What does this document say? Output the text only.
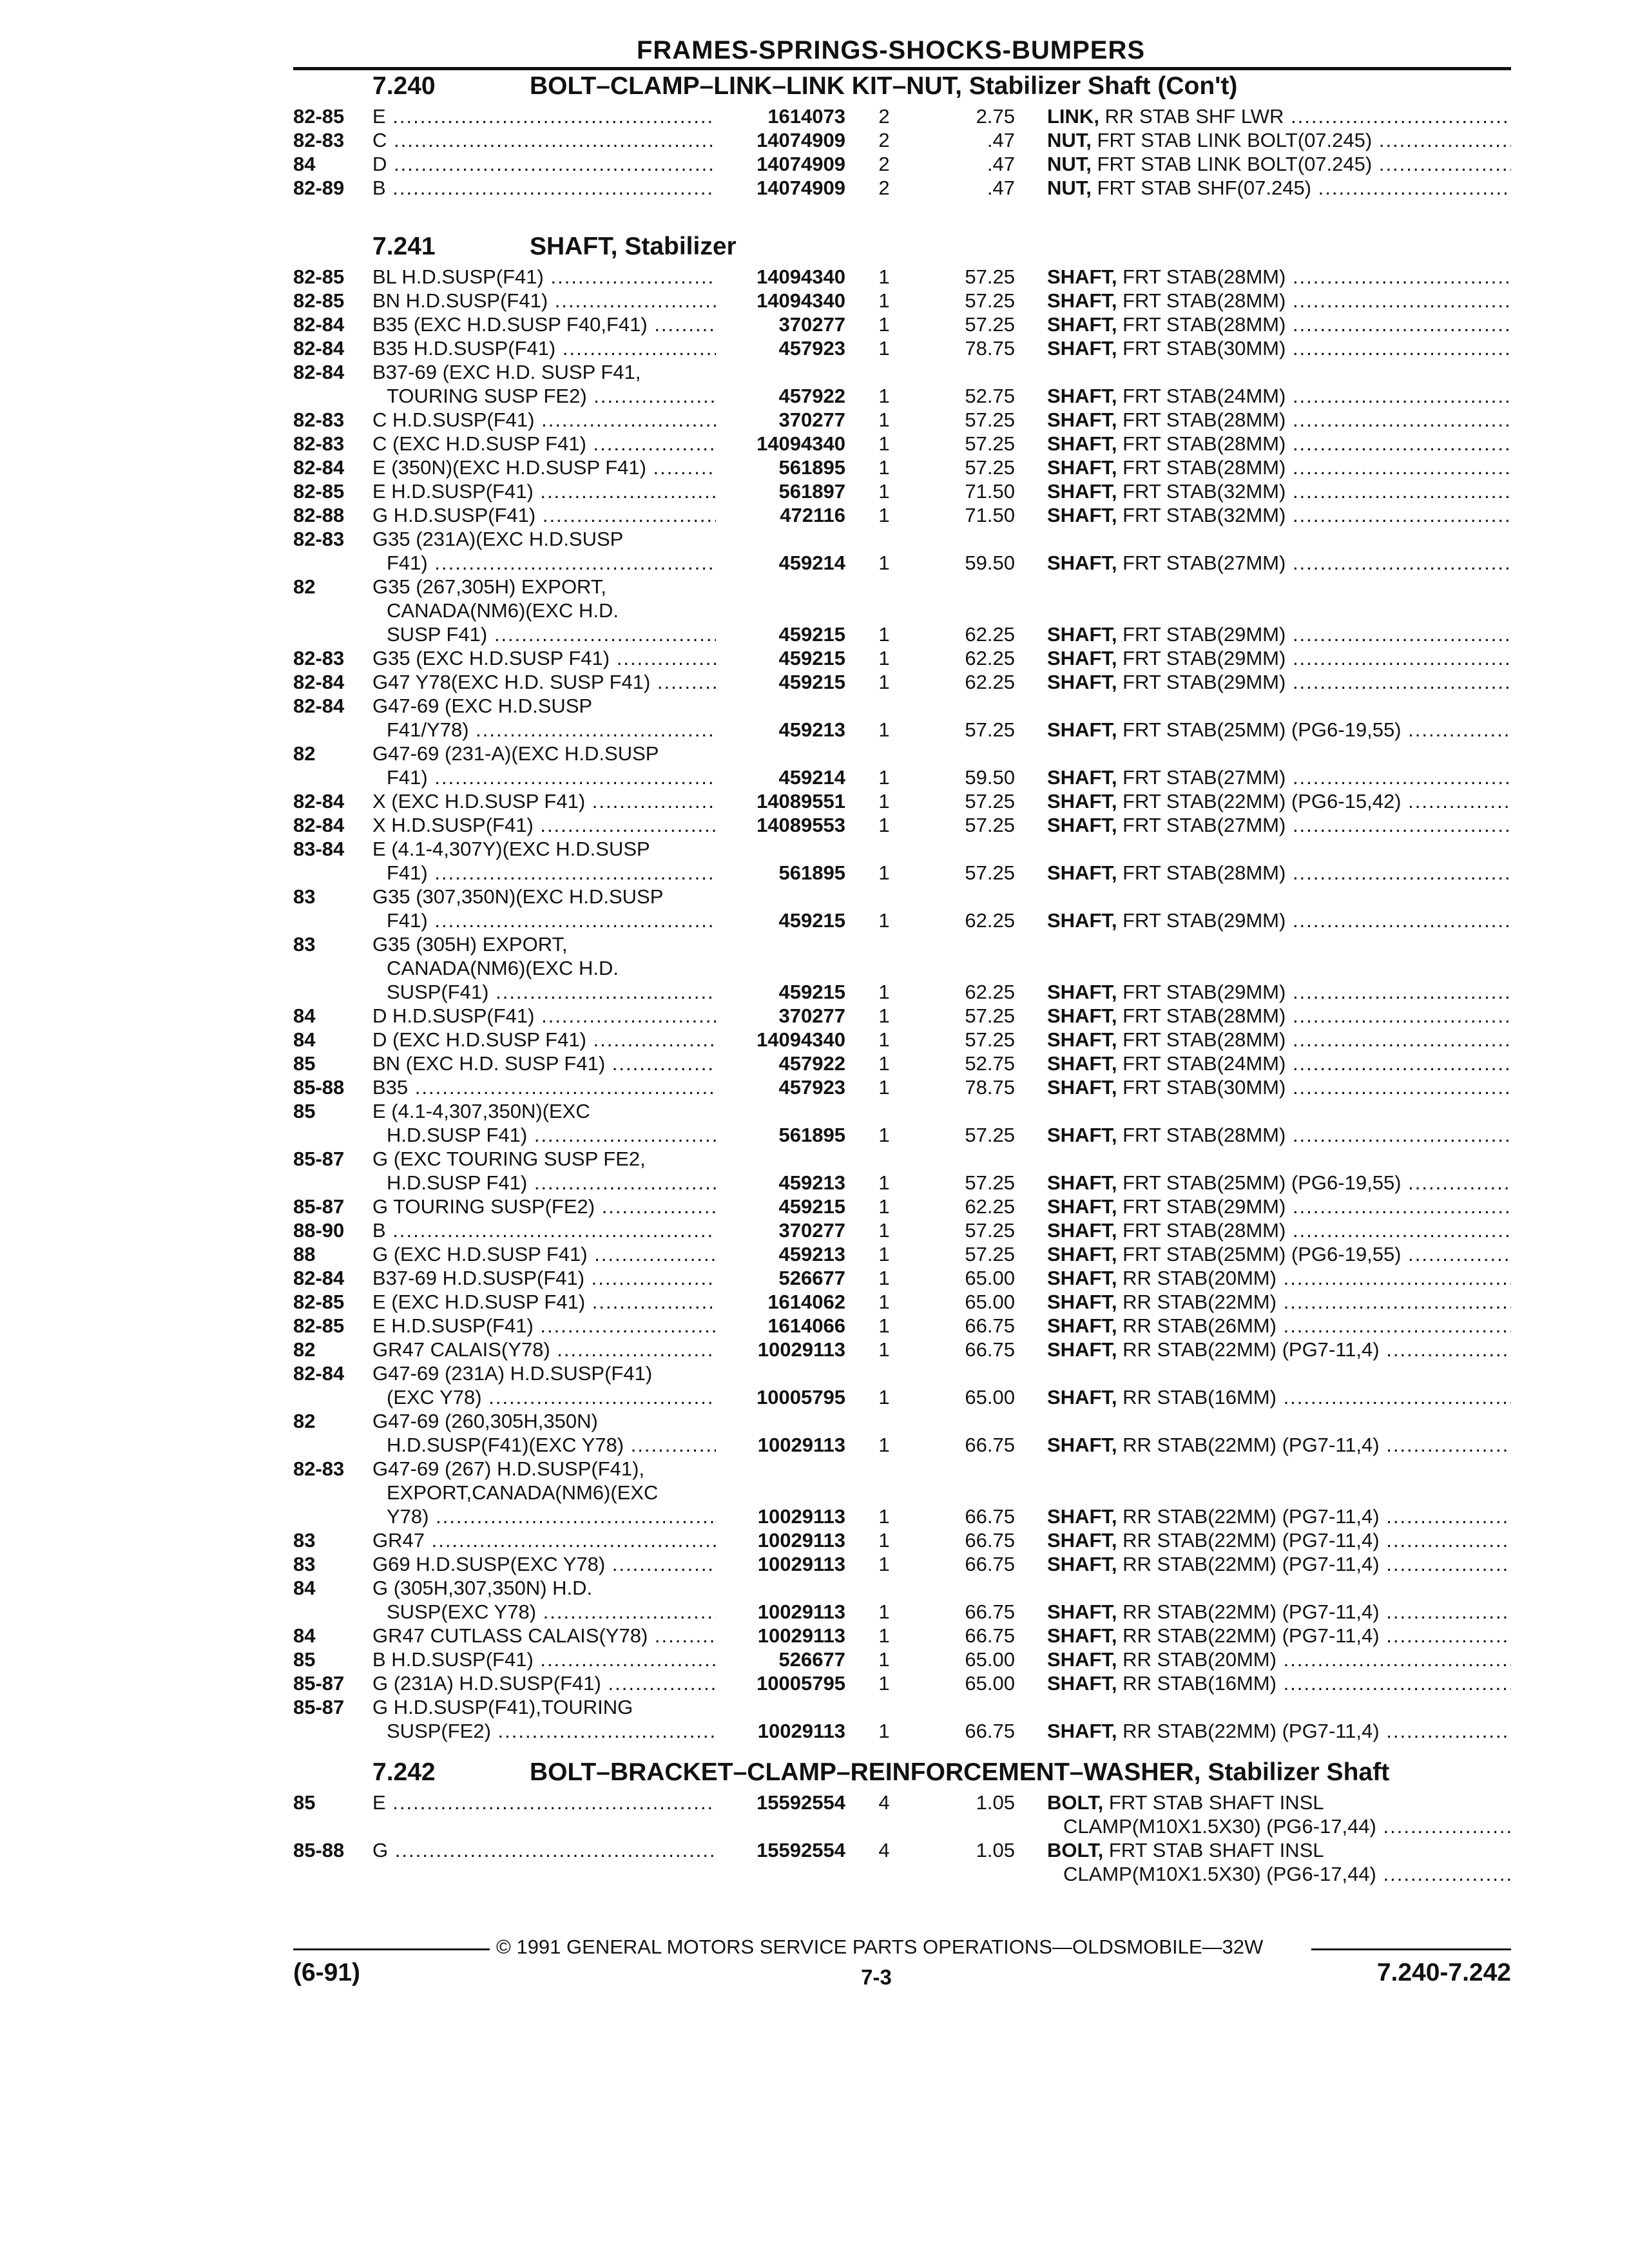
FRAMES-SPRINGS-SHOCKS-BUMPERS
7.240	BOLT–CLAMP–LINK–LINK KIT–NUT, Stabilizer Shaft (Con't)
82-85 E .....	1614073	2	2.75 LINK, RR STAB SHF LWR .....
82-83 C .....	14074909	2	.47 NUT, FRT STAB LINK BOLT(07.245) .....
84	D .....	14074909	2	.47 NUT, FRT STAB LINK BOLT(07.245) .....
82-89 B .....	14074909	2	.47 NUT, FRT STAB SHF(07.245) .....
7.241	SHAFT, Stabilizer
82-85 BL H.D.SUSP(F41) .....	14094340	1	57.25 SHAFT, FRT STAB(28MM) .....
82-85 BN H.D.SUSP(F41) .....	14094340	1	57.25 SHAFT, FRT STAB(28MM) .....
82-84 B35 (EXC H.D.SUSP F40,F41) .....	370277	1	57.25 SHAFT, FRT STAB(28MM) .....
82-84 B35 H.D.SUSP(F41) .....	457923	1	78.75 SHAFT, FRT STAB(30MM) .....
82-84 B37-69 (EXC H.D. SUSP F41,
TOURING SUSP FE2) .....	457922	1	52.75 SHAFT, FRT STAB(24MM) .....
82-83 C H.D.SUSP(F41) .....	370277	1	57.25 SHAFT, FRT STAB(28MM) .....
82-83 C (EXC H.D.SUSP F41) .....	14094340	1	57.25 SHAFT, FRT STAB(28MM) .....
82-84 E (350N)(EXC H.D.SUSP F41) .....	561895	1	57.25 SHAFT, FRT STAB(28MM) .....
82-85 E H.D.SUSP(F41) .....	561897	1	71.50 SHAFT, FRT STAB(32MM) .....
82-88 G H.D.SUSP(F41) .....	472116	1	71.50 SHAFT, FRT STAB(32MM) .....
82-83 G35 (231A)(EXC H.D.SUSP
F41) .....	459214	1	59.50 SHAFT, FRT STAB(27MM) .....
82	G35 (267,305H) EXPORT,
CANADA(NM6)(EXC H.D.
SUSP F41) .....	459215	1	62.25 SHAFT, FRT STAB(29MM) .....
82-83 G35 (EXC H.D.SUSP F41) .....	459215	1	62.25 SHAFT, FRT STAB(29MM) .....
82-84 G47 Y78(EXC H.D. SUSP F41) .....	459215	1	62.25 SHAFT, FRT STAB(29MM) .....
82-84 G47-69 (EXC H.D.SUSP
F41/Y78) .....	459213	1	57.25 SHAFT, FRT STAB(25MM) (PG6-19,55) .....
82	G47-69 (231-A)(EXC H.D.SUSP
F41) .....	459214	1	59.50 SHAFT, FRT STAB(27MM) .....
82-84 X (EXC H.D.SUSP F41) .....	14089551	1	57.25 SHAFT, FRT STAB(22MM) (PG6-15,42) .....
82-84 X H.D.SUSP(F41) .....	14089553	1	57.25 SHAFT, FRT STAB(27MM) .....
83-84 E (4.1-4,307Y)(EXC H.D.SUSP
F41) .....	561895	1	57.25 SHAFT, FRT STAB(28MM) .....
83	G35 (307,350N)(EXC H.D.SUSP
F41) .....	459215	1	62.25 SHAFT, FRT STAB(29MM) .....
83	G35 (305H) EXPORT,
CANADA(NM6)(EXC H.D.
SUSP(F41) .....	459215	1	62.25 SHAFT, FRT STAB(29MM) .....
84	D H.D.SUSP(F41) .....	370277	1	57.25 SHAFT, FRT STAB(28MM) .....
84	D (EXC H.D.SUSP F41) .....	14094340	1	57.25 SHAFT, FRT STAB(28MM) .....
85	BN (EXC H.D. SUSP F41) .....	457922	1	52.75 SHAFT, FRT STAB(24MM) .....
85-88 B35 .....	457923	1	78.75 SHAFT, FRT STAB(30MM) .....
85	E (4.1-4,307,350N)(EXC
H.D.SUSP F41) .....	561895	1	57.25 SHAFT, FRT STAB(28MM) .....
85-87 G (EXC TOURING SUSP FE2,
H.D.SUSP F41) .....	459213	1	57.25 SHAFT, FRT STAB(25MM) (PG6-19,55) .....
85-87 G TOURING SUSP(FE2) .....	459215	1	62.25 SHAFT, FRT STAB(29MM) .....
88-90 B .....	370277	1	57.25 SHAFT, FRT STAB(28MM) .....
88	G (EXC H.D.SUSP F41) .....	459213	1	57.25 SHAFT, FRT STAB(25MM) (PG6-19,55) .....
82-84 B37-69 H.D.SUSP(F41) .....	526677	1	65.00 SHAFT, RR STAB(20MM) .....
82-85 E (EXC H.D.SUSP F41) .....	1614062	1	65.00 SHAFT, RR STAB(22MM) .....
82-85 E H.D.SUSP(F41) .....	1614066	1	66.75 SHAFT, RR STAB(26MM) .....
82	GR47 CALAIS(Y78) .....	10029113	1	66.75 SHAFT, RR STAB(22MM) (PG7-11,4) .....
82-84 G47-69 (231A) H.D.SUSP(F41)
(EXC Y78) .....	10005795	1	65.00 SHAFT, RR STAB(16MM) .....
82	G47-69 (260,305H,350N)
H.D.SUSP(F41)(EXC Y78) .....	10029113	1	66.75 SHAFT, RR STAB(22MM) (PG7-11,4) .....
82-83 G47-69 (267) H.D.SUSP(F41),
EXPORT,CANADA(NM6)(EXC
Y78) .....	10029113	1	66.75 SHAFT, RR STAB(22MM) (PG7-11,4) .....
83	GR47 .....	10029113	1	66.75 SHAFT, RR STAB(22MM) (PG7-11,4) .....
83	G69 H.D.SUSP(EXC Y78) .....	10029113	1	66.75 SHAFT, RR STAB(22MM) (PG7-11,4) .....
84	G (305H,307,350N) H.D.
SUSP(EXC Y78) .....	10029113	1	66.75 SHAFT, RR STAB(22MM) (PG7-11,4) .....
84	GR47 CUTLASS CALAIS(Y78) .....	10029113	1	66.75 SHAFT, RR STAB(22MM) (PG7-11,4) .....
85	B H.D.SUSP(F41) .....	526677	1	65.00 SHAFT, RR STAB(20MM) .....
85-87 G (231A) H.D.SUSP(F41) .....	10005795	1	65.00 SHAFT, RR STAB(16MM) .....
85-87 G H.D.SUSP(F41),TOURING
SUSP(FE2) .....	10029113	1	66.75 SHAFT, RR STAB(22MM) (PG7-11,4) .....
7.242	BOLT–BRACKET–CLAMP–REINFORCEMENT–WASHER, Stabilizer Shaft
85	E .....	15592554	4	1.05 BOLT, FRT STAB SHAFT INSL
CLAMP(M10X1.5X30) (PG6-17,44) .....
85-88 G .....	15592554	4	1.05 BOLT, FRT STAB SHAFT INSL
CLAMP(M10X1.5X30) (PG6-17,44) .....
© 1991 GENERAL MOTORS SERVICE PARTS OPERATIONS—OLDSMOBILE—32W
(6-91)	7-3	7.240-7.242
